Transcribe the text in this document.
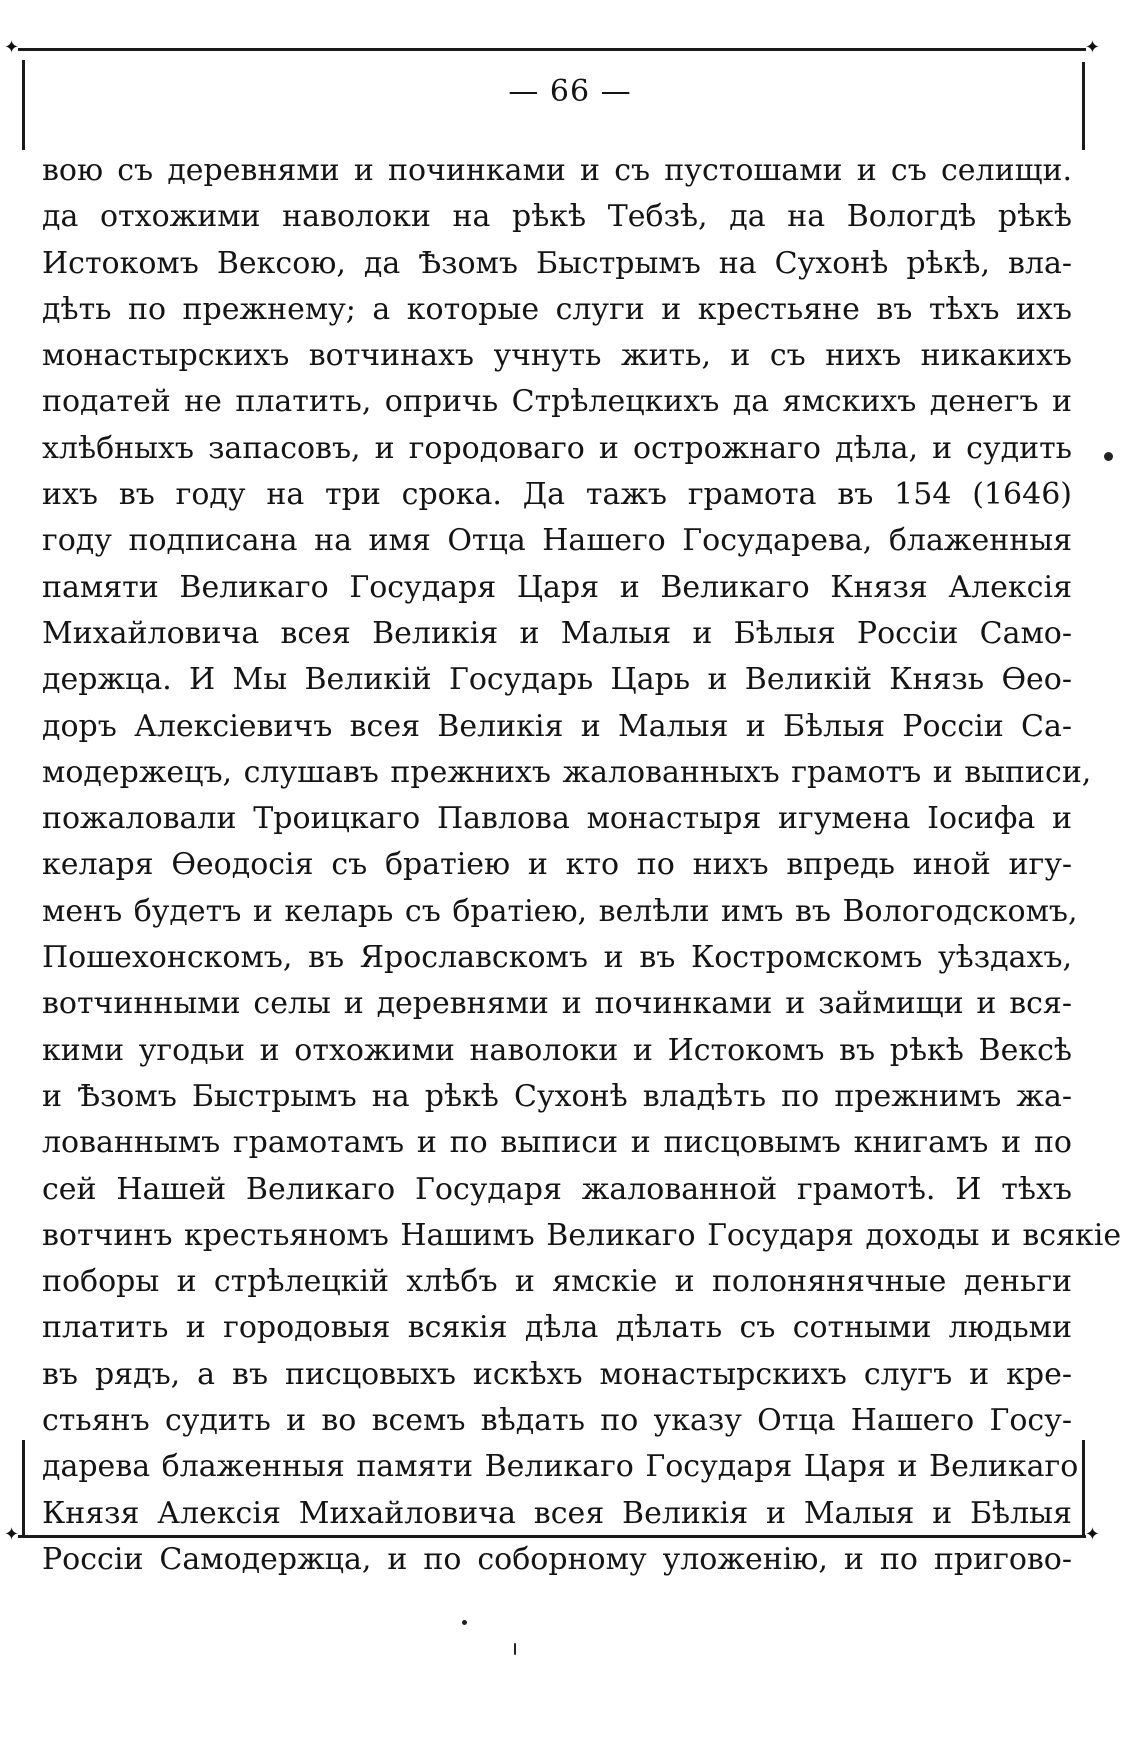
✦	✦
— 66 —
вою съ деревнями и починками и съ пустошами и съ селищи.
да отхожими наволоки на рѣкѣ Тебзѣ, да на Вологдѣ рѣкѣ
Истокомъ Вексою, да Ѣзомъ Быстрымъ на Сухонѣ рѣкѣ, вла-
дѣть по прежнему; а которые слуги и крестьяне въ тѣхъ ихъ
монастырскихъ вотчинахъ учнуть жить, и съ нихъ никакихъ
податей не платить, опричь Стрѣлецкихъ да ямскихъ денегъ и
хлѣбныхъ запасовъ, и городоваго и острожнаго дѣла, и судить
ихъ въ году на три срока. Да тажъ грамота въ 154 (1646)
году подписана на имя Отца Нашего Государева, блаженныя
памяти Великаго Государя Царя и Великаго Князя Алексія
Михайловича всея Великія и Малыя и Бѣлыя Россіи Само-
держца. И Мы Великій Государь Царь и Великій Князь Ѳео-
доръ Алексіевичъ всея Великія и Малыя и Бѣлыя Россіи Са-
модержецъ, слушавъ прежнихъ жалованныхъ грамотъ и выписи,
пожаловали Троицкаго Павлова монастыря игумена Іосифа и
келаря Ѳеодосія съ братіею и кто по нихъ впредь иной игу-
менъ будетъ и келарь съ братіею, велѣли имъ въ Вологодскомъ,
Пошехонскомъ, въ Ярославскомъ и въ Костромскомъ уѣздахъ,
вотчинными селы и деревнями и починками и займищи и вся-
кими угодьи и отхожими наволоки и Истокомъ въ рѣкѣ Вексѣ
и Ѣзомъ Быстрымъ на рѣкѣ Сухонѣ владѣть по прежнимъ жа-
лованнымъ грамотамъ и по выписи и писцовымъ книгамъ и по
сей Нашей Великаго Государя жалованной грамотѣ. И тѣхъ
вотчинъ крестьяномъ Нашимъ Великаго Государя доходы и всякіе
поборы и стрѣлецкій хлѣбъ и ямскіе и полонянячные деньги
платить и городовыя всякія дѣла дѣлать съ сотными людьми
въ рядъ, а въ писцовыхъ искѣхъ монастырскихъ слугъ и кре-
стьянъ судить и во всемъ вѣдать по указу Отца Нашего Госу-
дарева блаженныя памяти Великаго Государя Царя и Великаго
Князя Алексія Михайловича всея Великія и Малыя и Бѣлыя
Россіи Самодержца, и по соборному уложенію, и по пригово-
✦	✦
